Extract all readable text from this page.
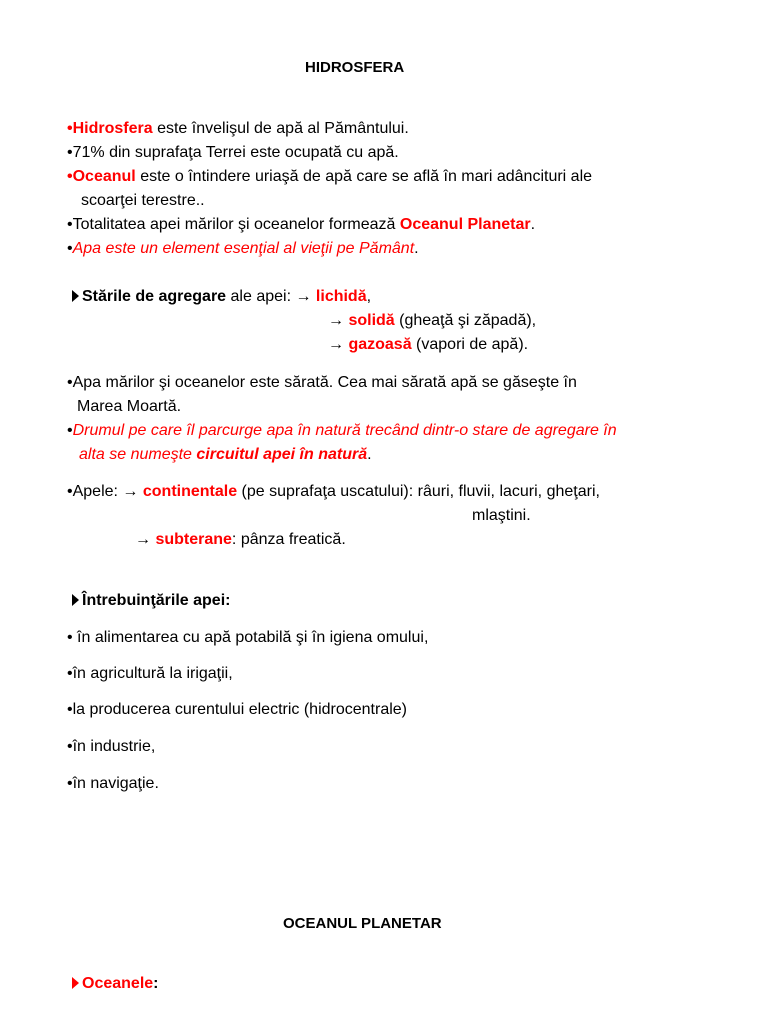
HIDROSFERA
•Hidrosfera este învelişul de apă al Pământului.
•71% din suprafaţa Terrei este ocupată cu apă.
•Oceanul este o întindere uriaşă de apă care se află în mari adâncituri ale
scoarţei terestre..
•Totalitatea apei mărilor şi oceanelor formează Oceanul Planetar.
•Apa este un element esenţial al vieţii pe Pământ.
Stările de agregare ale apei: → lichidă,
→ solidă (gheaţă şi zăpadă),
→ gazoasă (vapori de apă).
•Apa mărilor şi oceanelor este sărată. Cea mai sărată apă se găseşte în
Marea Moartă.
•Drumul pe care îl parcurge apa în natură trecând dintr-o stare de agregare în
alta se numeşte circuitul apei în natură.
•Apele: → continentale (pe suprafaţa uscatului): râuri, fluvii, lacuri, gheţari,
mlaştini.
→ subterane: pânza freatică.
Întrebuinţările apei:
• în alimentarea cu apă potabilă şi în igiena omului,
•în agricultură la irigaţii,
•la producerea curentului electric (hidrocentrale)
•în industrie,
•în navigaţie.
OCEANUL PLANETAR
Oceanele:
